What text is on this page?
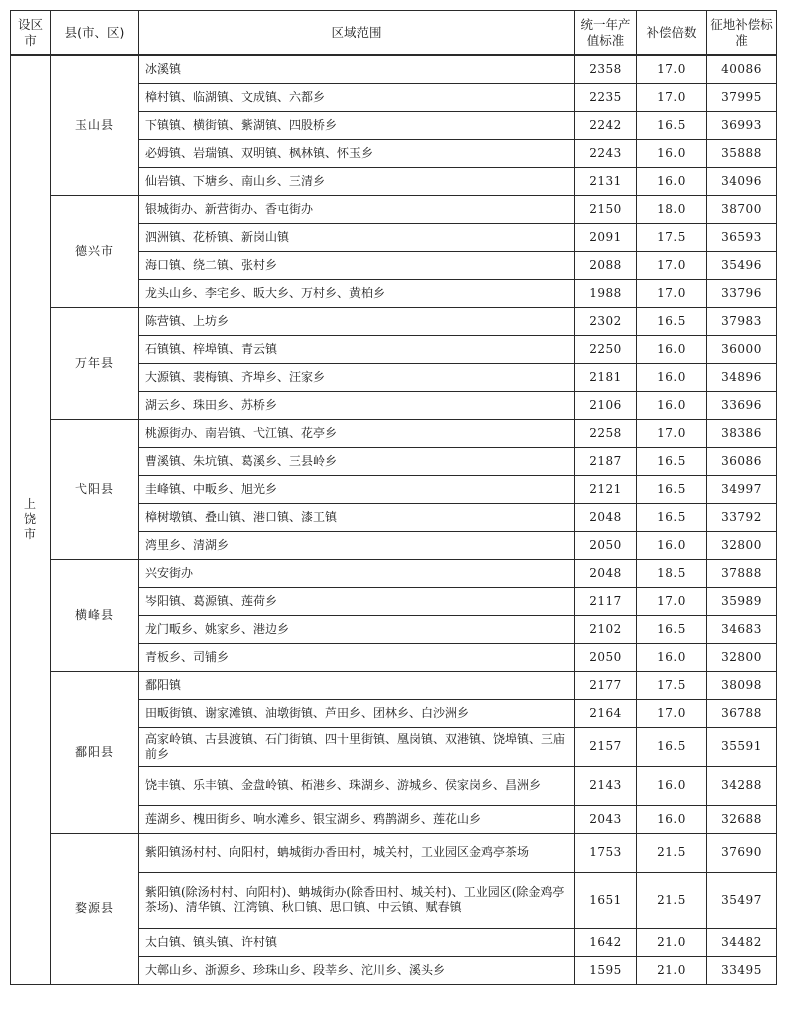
设区市	县(市、区)	区域范围	统一年产值标准	补偿倍数	征地补偿标准

上
饶
市	玉山县	冰溪镇	2358	17.0	40086
		樟村镇、临湖镇、文成镇、六都乡	2235	17.0	37995
		下镇镇、横街镇、紫湖镇、四股桥乡	2242	16.5	36993
		必姆镇、岩瑞镇、双明镇、枫林镇、怀玉乡	2243	16.0	35888
		仙岩镇、下塘乡、南山乡、三清乡	2131	16.0	34096
	德兴市	银城街办、新营街办、香屯街办	2150	18.0	38700
		泗洲镇、花桥镇、新岗山镇	2091	17.5	36593
		海口镇、绕二镇、张村乡	2088	17.0	35496
		龙头山乡、李宅乡、昄大乡、万村乡、黄柏乡	1988	17.0	33796
	万年县	陈营镇、上坊乡	2302	16.5	37983
		石镇镇、梓埠镇、青云镇	2250	16.0	36000
		大源镇、裴梅镇、齐埠乡、汪家乡	2181	16.0	34896
		湖云乡、珠田乡、苏桥乡	2106	16.0	33696
	弋阳县	桃源街办、南岩镇、弋江镇、花亭乡	2258	17.0	38386
		曹溪镇、朱坑镇、葛溪乡、三县岭乡	2187	16.5	36086
		圭峰镇、中畈乡、旭光乡	2121	16.5	34997
		樟树墩镇、叠山镇、港口镇、漆工镇	2048	16.5	33792
		湾里乡、清湖乡	2050	16.0	32800
	横峰县	兴安街办	2048	18.5	37888
		岑阳镇、葛源镇、莲荷乡	2117	17.0	35989
		龙门畈乡、姚家乡、港边乡	2102	16.5	34683
		青板乡、司铺乡	2050	16.0	32800
	鄱阳县	鄱阳镇	2177	17.5	38098
		田畈街镇、谢家滩镇、油墩街镇、芦田乡、团林乡、白沙洲乡	2164	17.0	36788
		高家岭镇、古县渡镇、石门街镇、四十里街镇、凰岗镇、双港镇、饶埠镇、三庙前乡	2157	16.5	35591
		饶丰镇、乐丰镇、金盘岭镇、柘港乡、珠湖乡、游城乡、侯家岗乡、昌洲乡	2143	16.0	34288
		莲湖乡、槐田街乡、响水滩乡、银宝湖乡、鸦鹊湖乡、莲花山乡	2043	16.0	32688
	婺源县	紫阳镇汤村村、向阳村，蚺城街办香田村，城关村，工业园区金鸡亭茶场	1753	21.5	37690
		紫阳镇(除汤村村、向阳村)、蚺城街办(除香田村、城关村)、工业园区(除金鸡亭茶场)、清华镇、江湾镇、秋口镇、思口镇、中云镇、赋春镇	1651	21.5	35497
		太白镇、镇头镇、许村镇	1642	21.0	34482
		大鄣山乡、浙源乡、珍珠山乡、段莘乡、沱川乡、溪头乡	1595	21.0	33495
